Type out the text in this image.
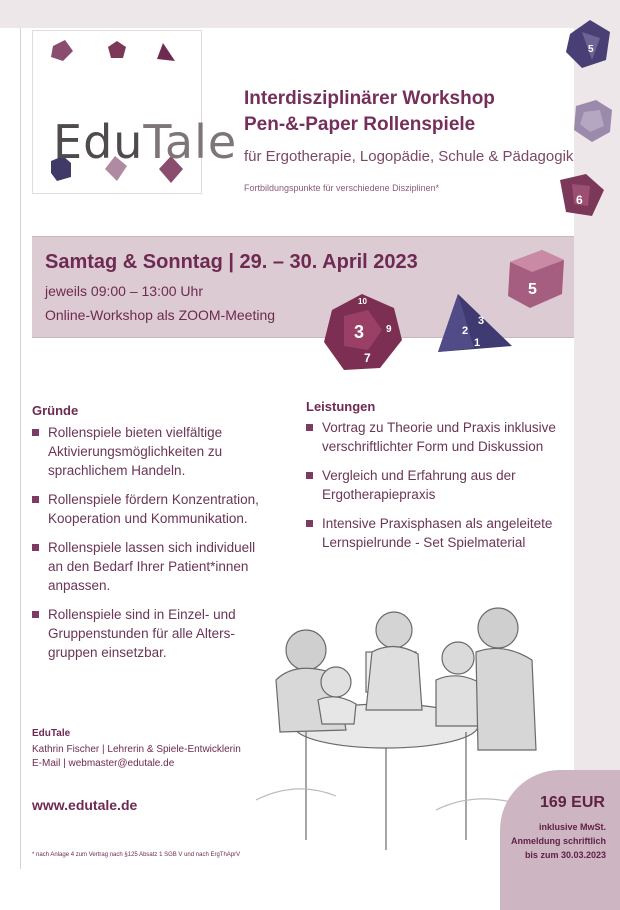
EduTale
Interdisziplinärer Workshop
Pen-&-Paper Rollenspiele
für Ergotherapie, Logopädie, Schule & Pädagogik
Fortbildungspunkte für verschiedene Disziplinen*
5
6
Samtag & Sonntag | 29. – 30. April 2023
jeweils 09:00 – 13:00 Uhr
Online-Workshop als ZOOM-Meeting
3
10
9
7
1
2
3
5
Gründe
Rollenspiele bieten vielfältige Aktivierungsmöglichkeiten zu sprachlichem Handeln.
Rollenspiele fördern Konzentration, Kooperation und Kommunikation.
Rollenspiele lassen sich individuell an den Bedarf Ihrer Patient*innen anpassen.
Rollenspiele sind in Einzel- und Gruppenstunden für alle Alters- gruppen einsetzbar.
Leistungen
Vortrag zu Theorie und Praxis inklusive verschriftlichter Form und Diskussion
Vergleich und Erfahrung aus der Ergotherapiepraxis
Intensive Praxisphasen als angeleitete Lernspielrunde - Set Spielmaterial
EduTale
Kathrin Fischer | Lehrerin & Spiele-Entwicklerin
E-Mail | webmaster@edutale.de
www.edutale.de
* nach Anlage 4 zum Vertrag nach §125 Absatz 1 SGB V und nach ErgThAprV
169 EUR
inklusive MwSt.
Anmeldung schriftlich
bis zum 30.03.2023
